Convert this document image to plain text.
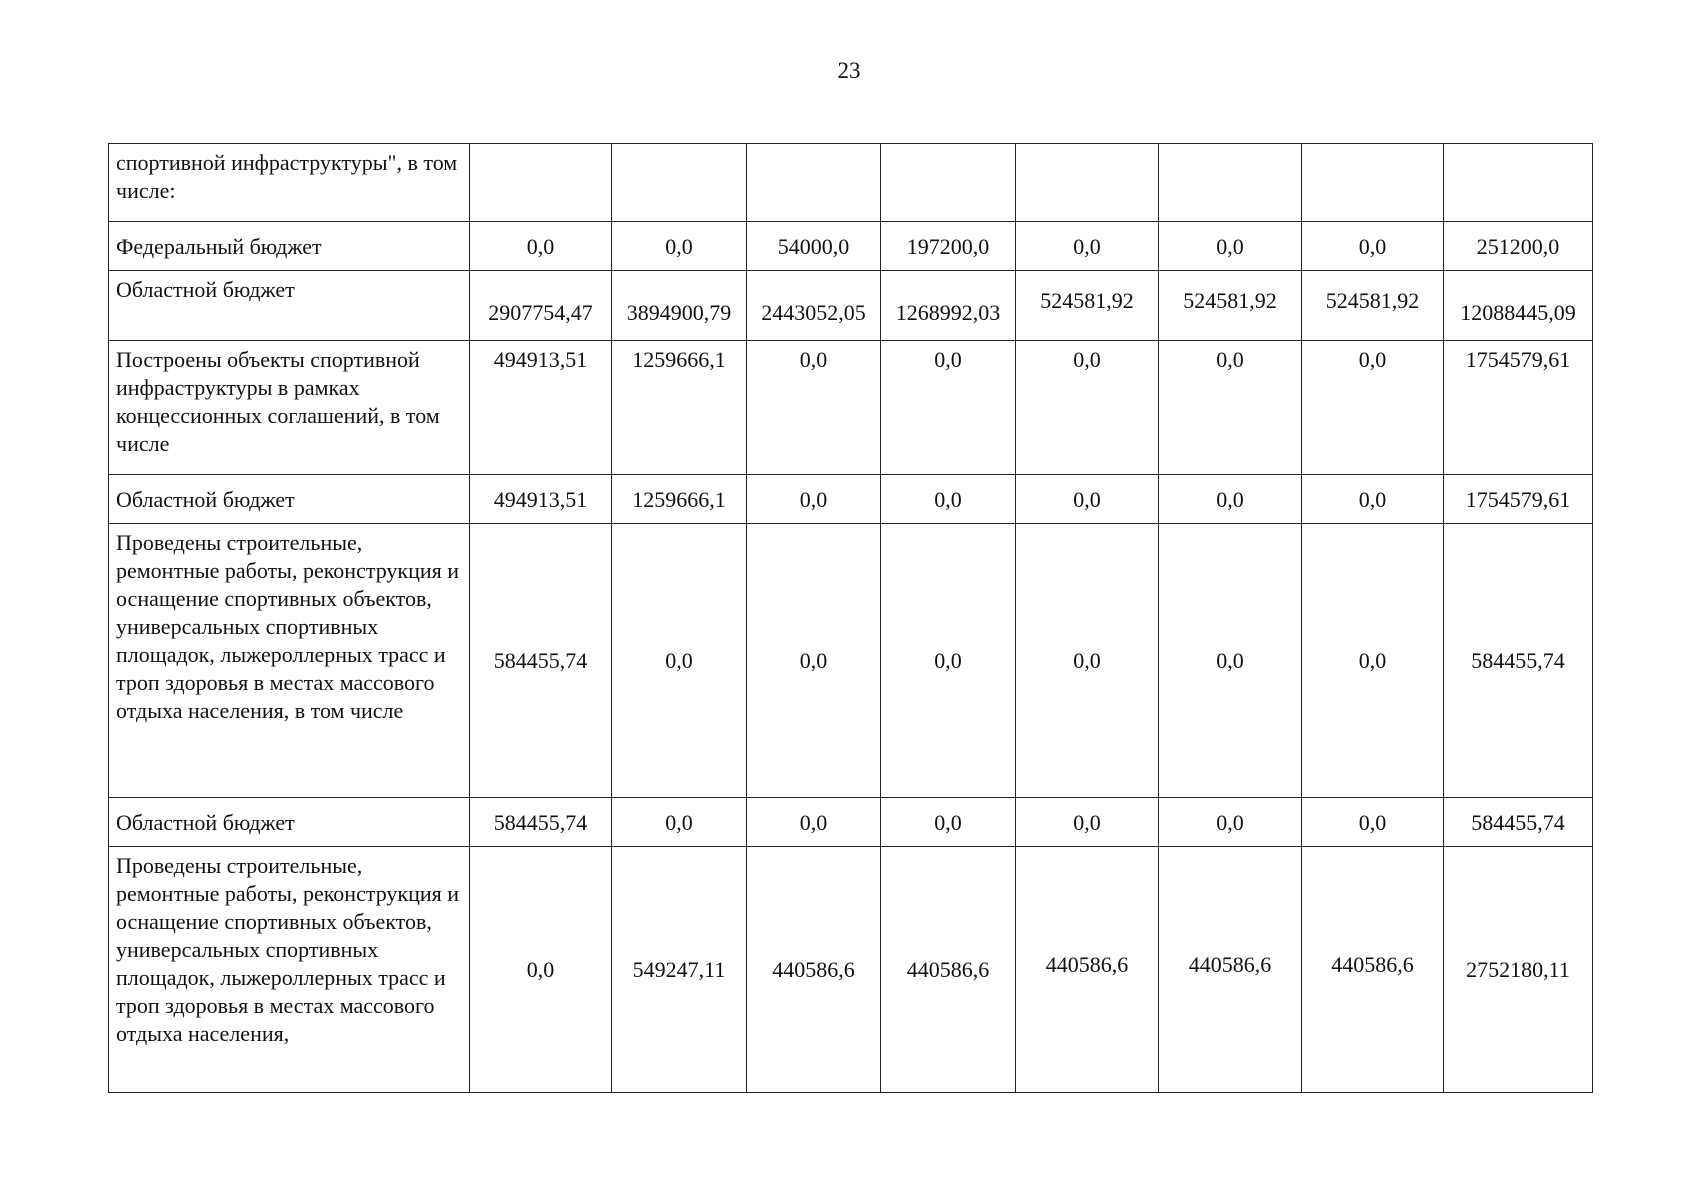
23
спортивной инфраструктуры", в том числе:								
Федеральный бюджет	0,0	0,0	54000,0	197200,0	0,0	0,0	0,0	251200,0
Областной бюджет	2907754,47	3894900,79	2443052,05	1268992,03	524581,92	524581,92	524581,92	12088445,09
Построены объекты спортивной инфраструктуры в рамках концессионных соглашений, в том числе	494913,51	1259666,1	0,0	0,0	0,0	0,0	0,0	1754579,61
Областной бюджет	494913,51	1259666,1	0,0	0,0	0,0	0,0	0,0	1754579,61
Проведены строительные, ремонтные работы, реконструкция и оснащение спортивных объектов, универсальных спортивных площадок, лыжероллерных трасс и троп здоровья в местах массового отдыха населения, в том числе	584455,74	0,0	0,0	0,0	0,0	0,0	0,0	584455,74
Областной бюджет	584455,74	0,0	0,0	0,0	0,0	0,0	0,0	584455,74
Проведены строительные, ремонтные работы, реконструкция и оснащение спортивных объектов, универсальных спортивных площадок, лыжероллерных трасс и троп здоровья в местах массового отдыха населения,	0,0	549247,11	440586,6	440586,6	440586,6	440586,6	440586,6	2752180,11
